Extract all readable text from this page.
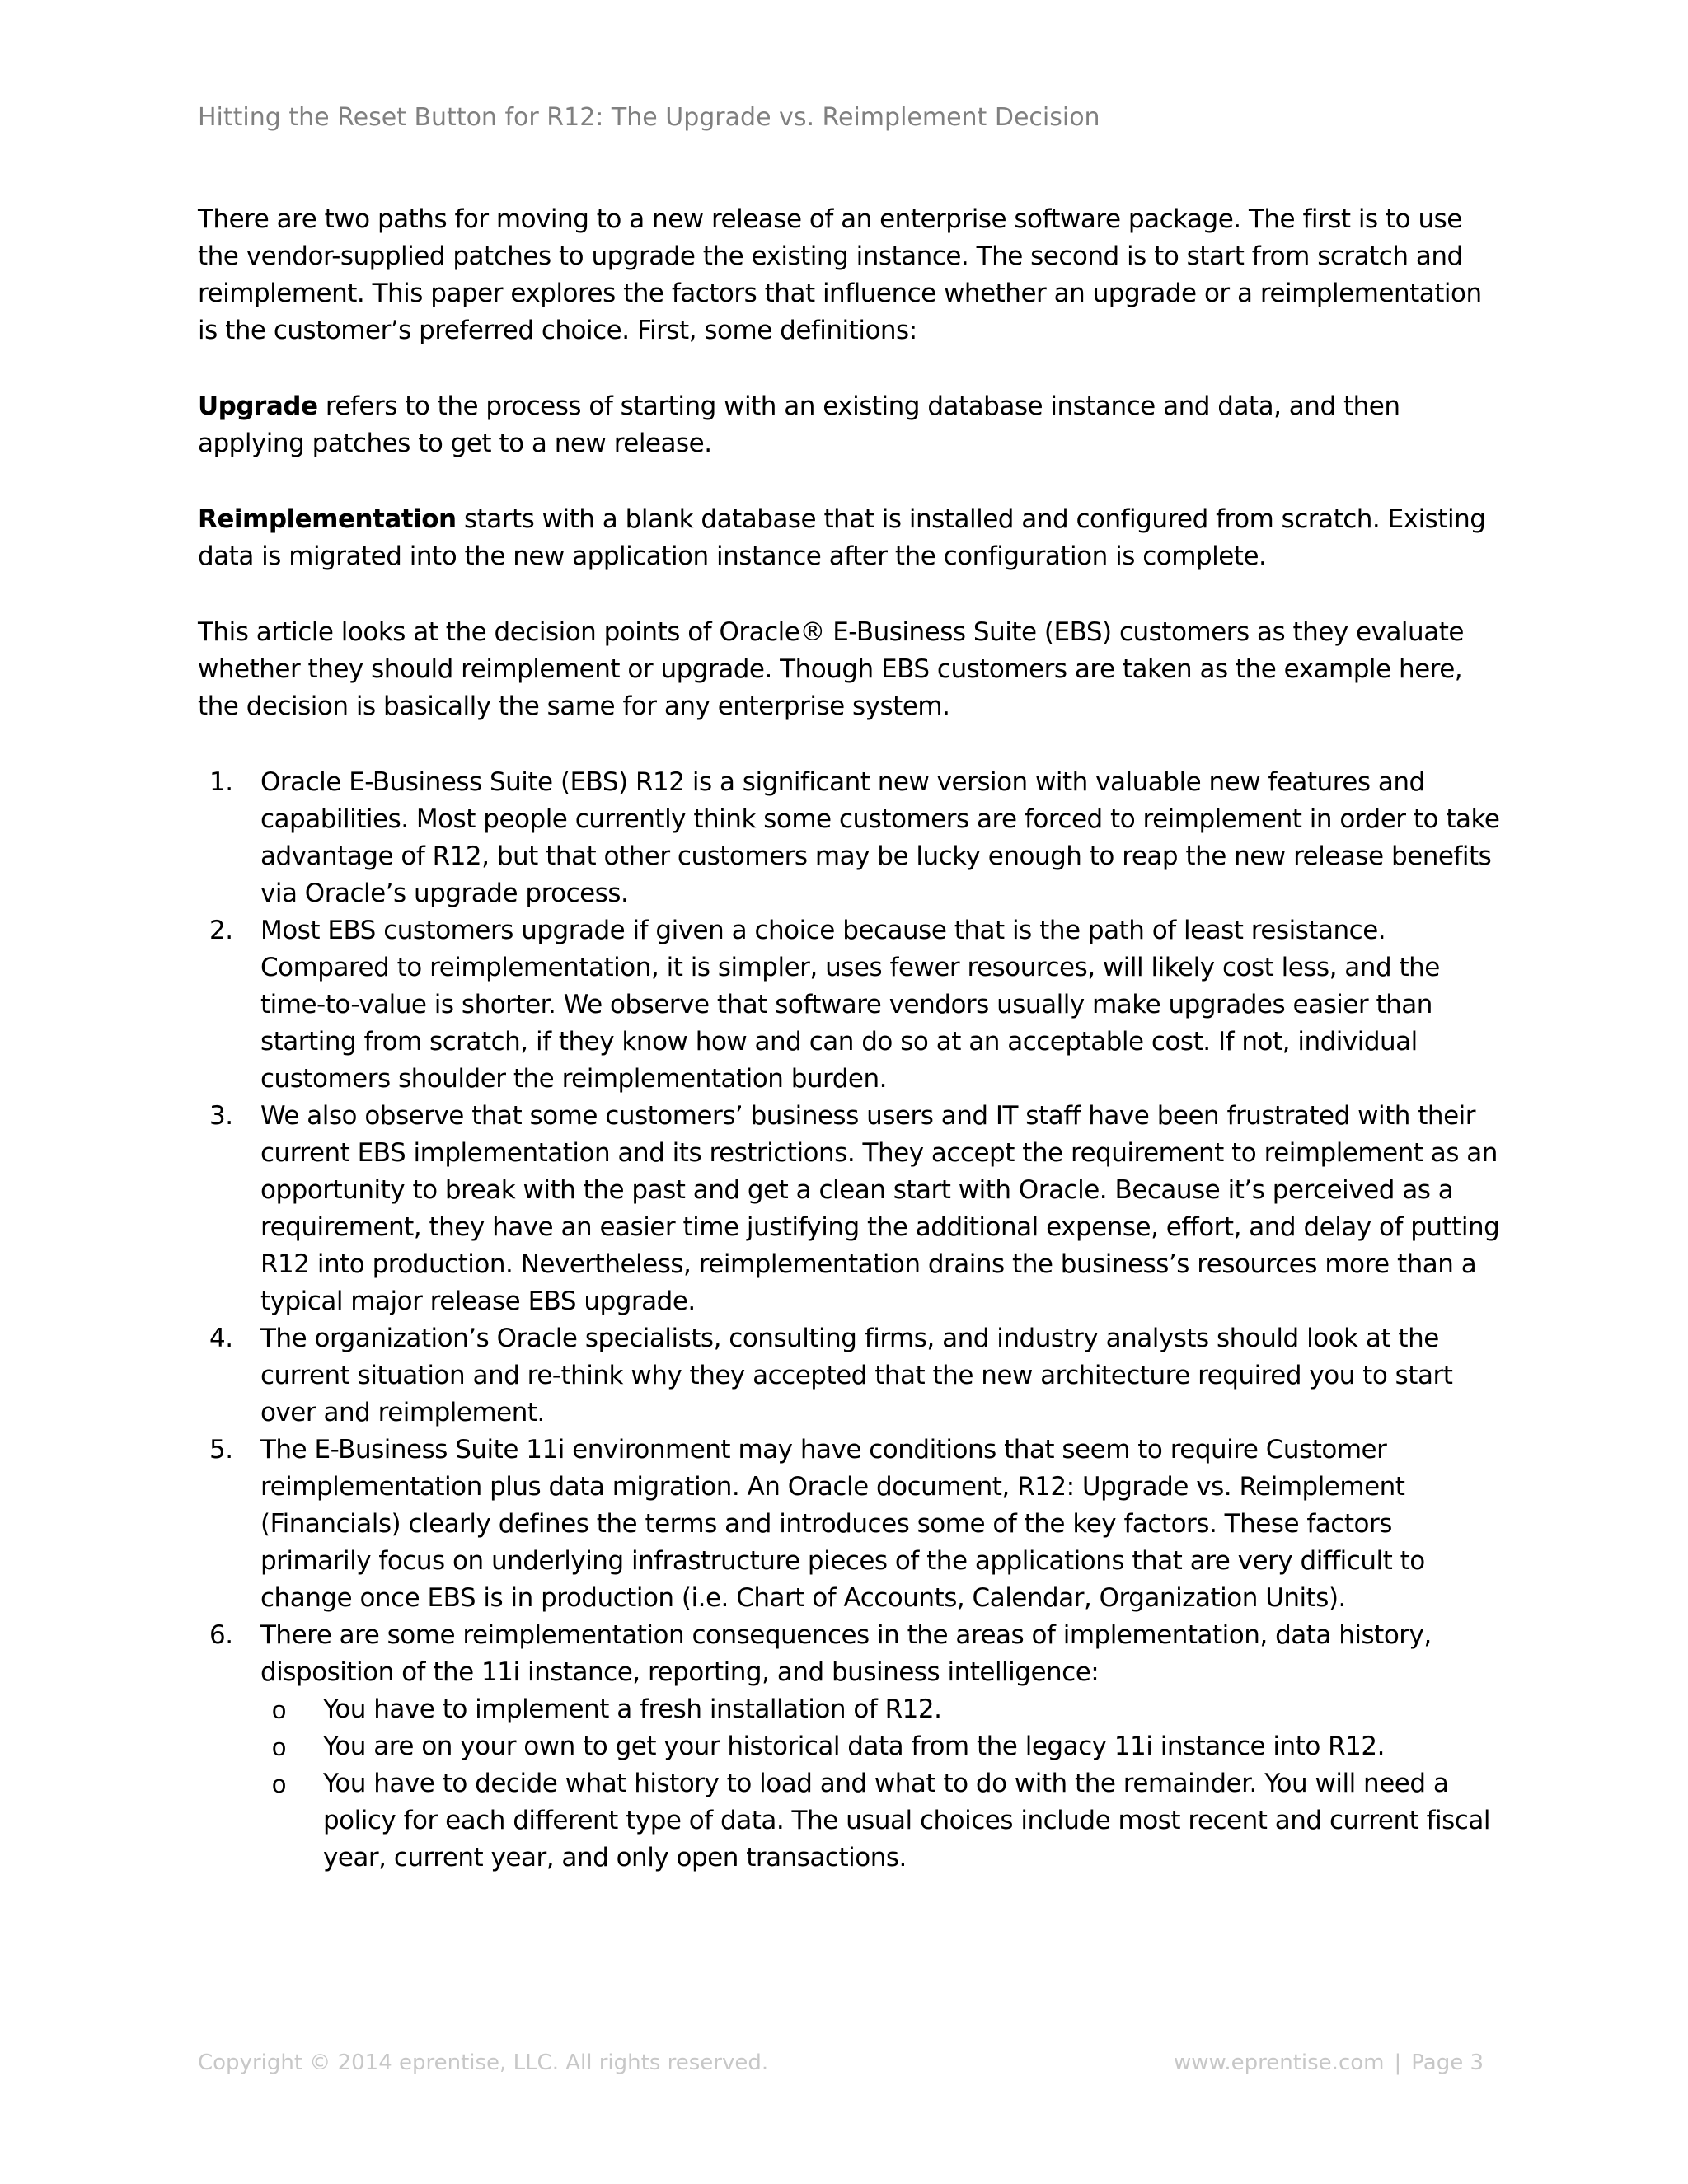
Hitting the Reset Button for R12: The Upgrade vs. Reimplement Decision

There are two paths for moving to a new release of an enterprise software package. The first is to use the vendor-supplied patches to upgrade the existing instance. The second is to start from scratch and reimplement. This paper explores the factors that influence whether an upgrade or a reimplementation is the customer’s preferred choice. First, some definitions:

Upgrade refers to the process of starting with an existing database instance and data, and then applying patches to get to a new release.

Reimplementation starts with a blank database that is installed and configured from scratch. Existing data is migrated into the new application instance after the configuration is complete.

This article looks at the decision points of Oracle® E-Business Suite (EBS) customers as they evaluate whether they should reimplement or upgrade. Though EBS customers are taken as the example here, the decision is basically the same for any enterprise system.

1. Oracle E-Business Suite (EBS) R12 is a significant new version with valuable new features and capabilities. Most people currently think some customers are forced to reimplement in order to take advantage of R12, but that other customers may be lucky enough to reap the new release benefits via Oracle’s upgrade process.
2. Most EBS customers upgrade if given a choice because that is the path of least resistance. Compared to reimplementation, it is simpler, uses fewer resources, will likely cost less, and the time-to-value is shorter. We observe that software vendors usually make upgrades easier than starting from scratch, if they know how and can do so at an acceptable cost. If not, individual customers shoulder the reimplementation burden.
3. We also observe that some customers’ business users and IT staff have been frustrated with their current EBS implementation and its restrictions. They accept the requirement to reimplement as an opportunity to break with the past and get a clean start with Oracle. Because it’s perceived as a requirement, they have an easier time justifying the additional expense, effort, and delay of putting R12 into production. Nevertheless, reimplementation drains the business’s resources more than a typical major release EBS upgrade.
4. The organization’s Oracle specialists, consulting firms, and industry analysts should look at the current situation and re-think why they accepted that the new architecture required you to start over and reimplement.
5. The E-Business Suite 11i environment may have conditions that seem to require Customer reimplementation plus data migration. An Oracle document, R12: Upgrade vs. Reimplement (Financials) clearly defines the terms and introduces some of the key factors. These factors primarily focus on underlying infrastructure pieces of the applications that are very difficult to change once EBS is in production (i.e. Chart of Accounts, Calendar, Organization Units).
6. There are some reimplementation consequences in the areas of implementation, data history, disposition of the 11i instance, reporting, and business intelligence:
o You have to implement a fresh installation of R12.
o You are on your own to get your historical data from the legacy 11i instance into R12.
o You have to decide what history to load and what to do with the remainder. You will need a policy for each different type of data. The usual choices include most recent and current fiscal year, current year, and only open transactions.
Copyright © 2014 eprentise, LLC. All rights reserved.	www.eprentise.com | Page 3
